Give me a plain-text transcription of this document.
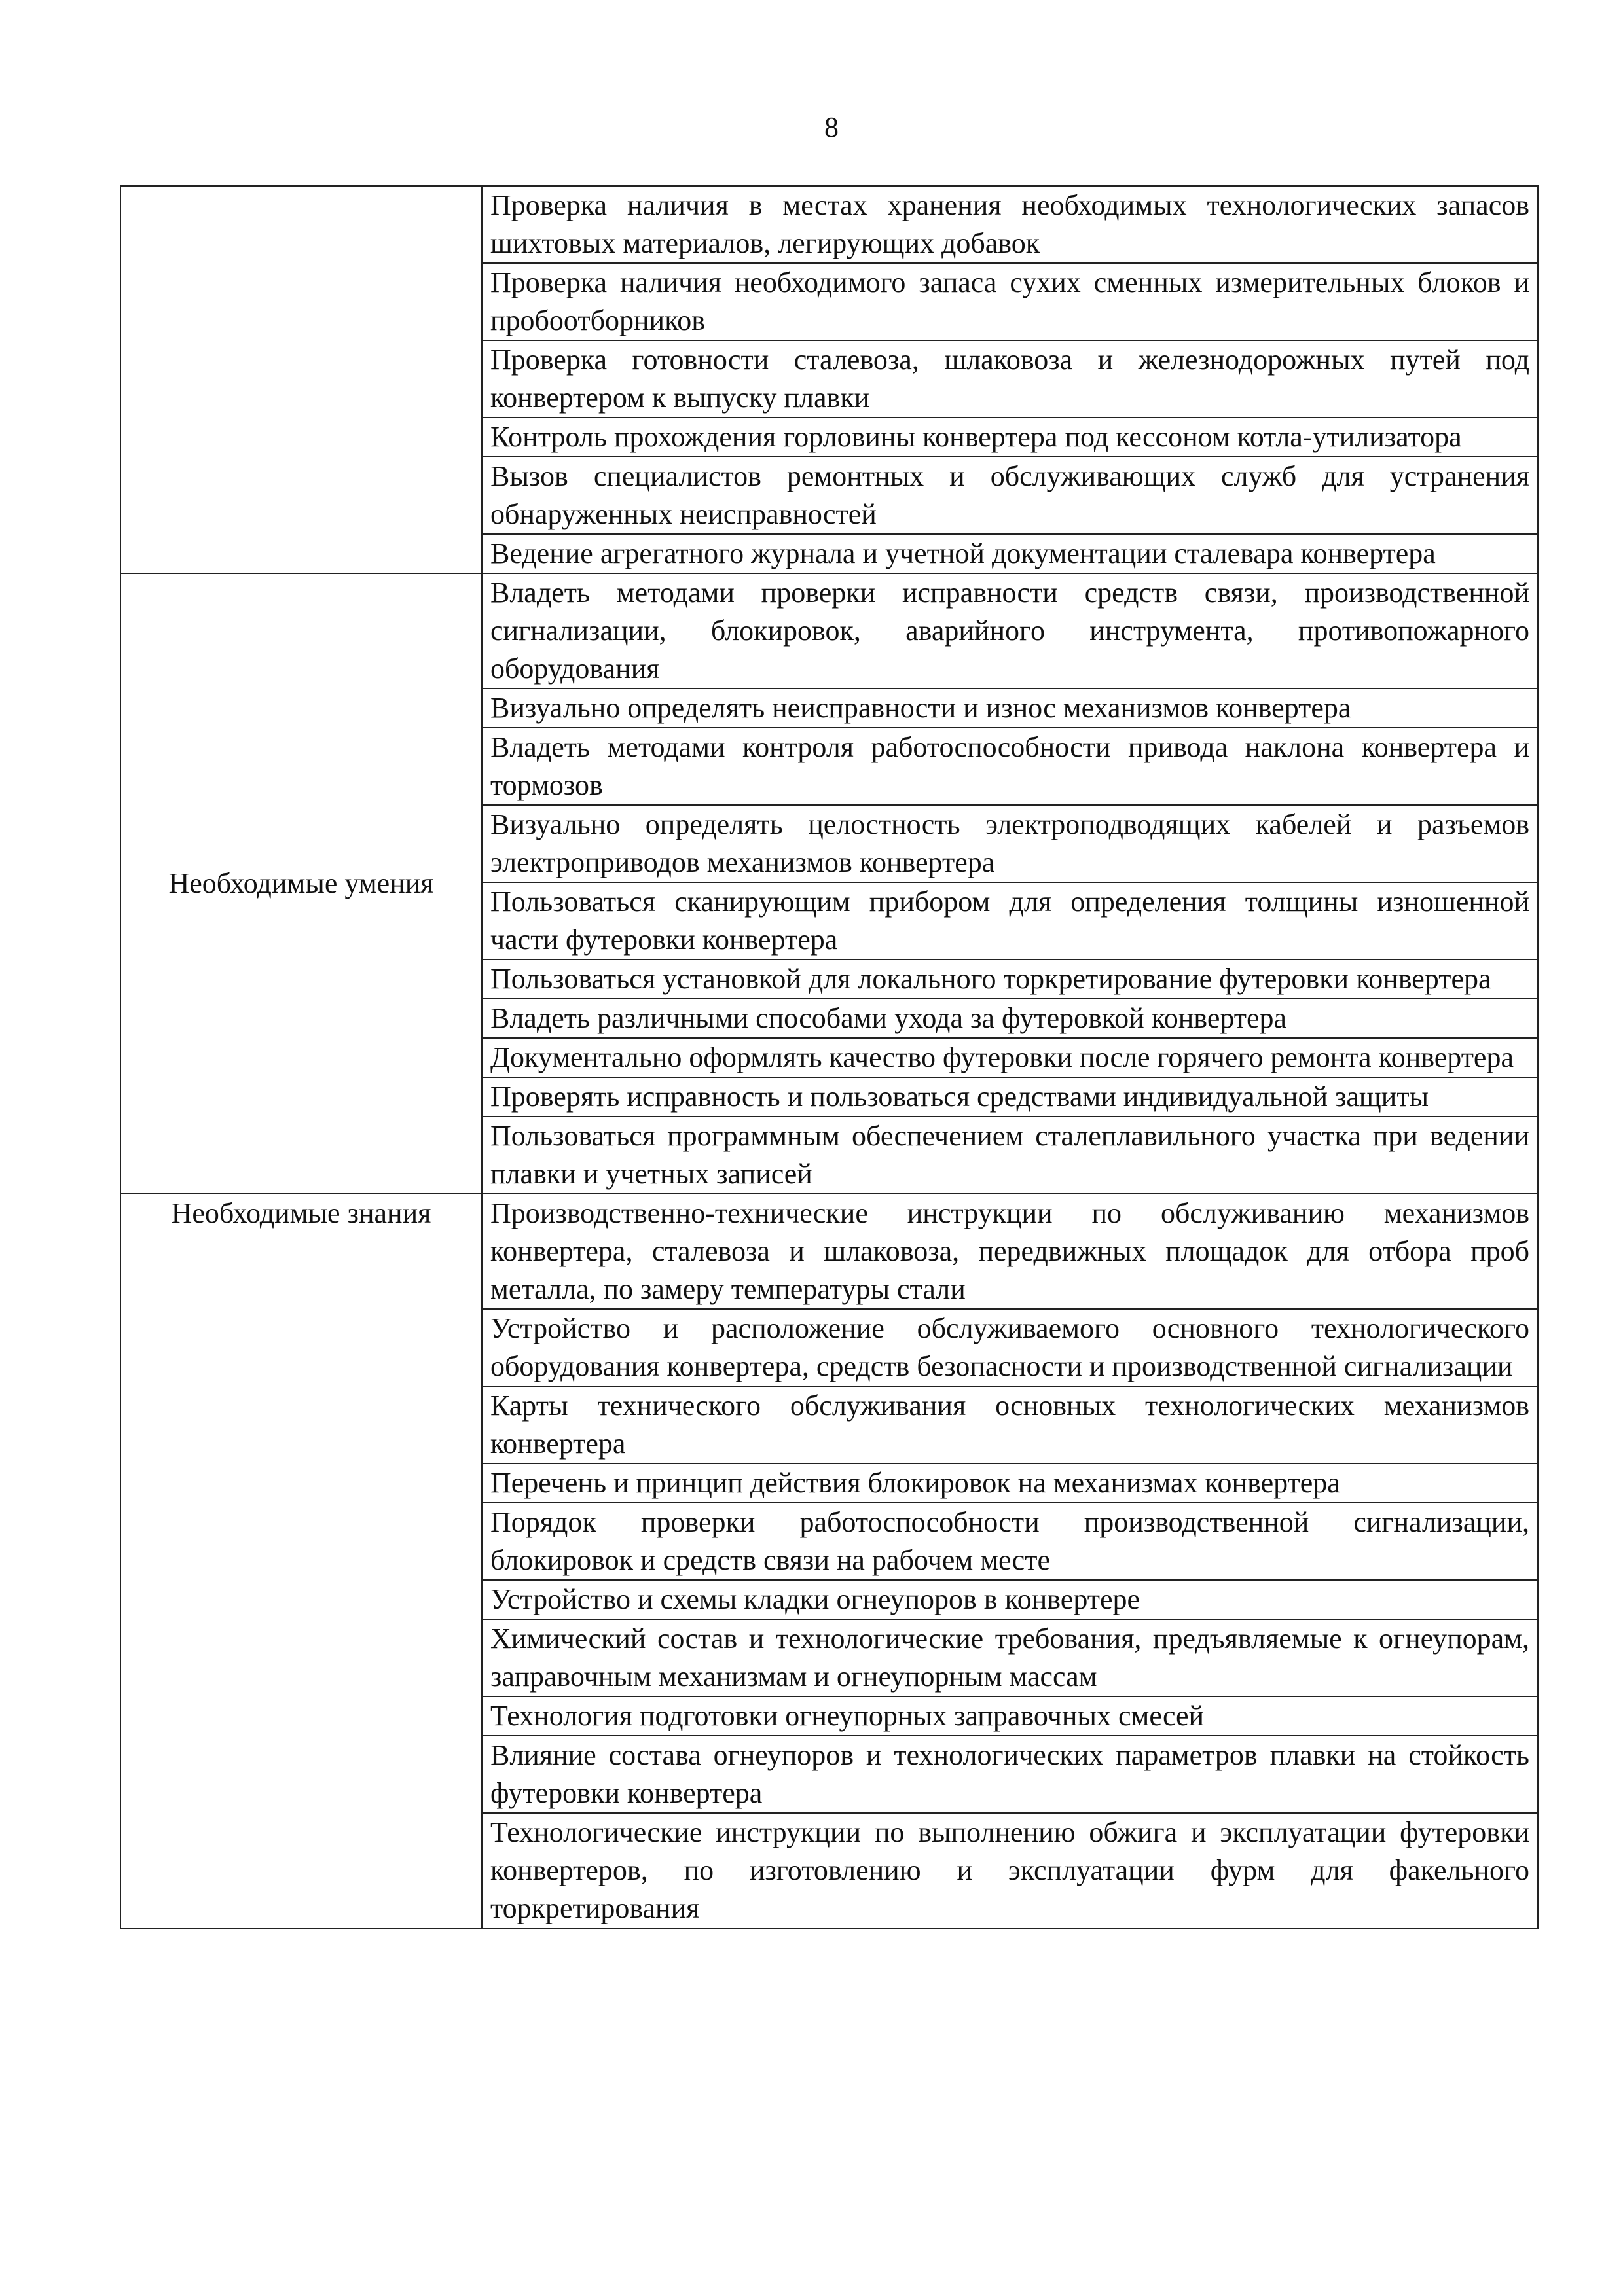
8
	Проверка наличия в местах хранения необходимых технологических запасов шихтовых материалов, легирующих добавок
	Проверка наличия необходимого запаса сухих сменных измерительных блоков и пробоотборников
	Проверка готовности сталевоза, шлаковоза и железнодорожных путей под конвертером к выпуску плавки
	Контроль прохождения горловины конвертера под кессоном котла-утилизатора
	Вызов специалистов ремонтных и обслуживающих служб для устранения обнаруженных неисправностей
	Ведение агрегатного журнала и учетной документации сталевара конвертера
Необходимые умения	Владеть методами проверки исправности средств связи, производственной сигнализации, блокировок, аварийного инструмента, противопожарного оборудования
	Визуально определять неисправности и износ механизмов конвертера
	Владеть методами контроля работоспособности привода наклона конвертера и тормозов
	Визуально определять целостность электроподводящих кабелей и разъемов электроприводов механизмов конвертера
	Пользоваться сканирующим прибором для определения толщины изношенной части футеровки конвертера
	Пользоваться установкой для локального торкретирование футеровки конвертера
	Владеть различными способами ухода за футеровкой конвертера
	Документально оформлять качество футеровки после горячего ремонта конвертера
	Проверять исправность и пользоваться средствами индивидуальной защиты
	Пользоваться программным обеспечением сталеплавильного участка при ведении плавки и учетных записей
Необходимые знания	Производственно-технические инструкции по обслуживанию механизмов конвертера, сталевоза и шлаковоза, передвижных площадок для отбора проб металла, по замеру температуры стали
	Устройство и расположение обслуживаемого основного технологического оборудования конвертера, средств безопасности и производственной сигнализации
	Карты технического обслуживания основных технологических механизмов конвертера
	Перечень и принцип действия блокировок на механизмах конвертера
	Порядок проверки работоспособности производственной сигнализации, блокировок и средств связи на рабочем месте
	Устройство и схемы кладки огнеупоров в конвертере
	Химический состав и технологические требования, предъявляемые к огнеупорам, заправочным механизмам и огнеупорным массам
	Технология подготовки огнеупорных заправочных смесей
	Влияние состава огнеупоров и технологических параметров плавки на стойкость футеровки конвертера
	Технологические инструкции по выполнению обжига и эксплуатации футеровки конвертеров, по изготовлению и эксплуатации фурм для факельного торкретирования
